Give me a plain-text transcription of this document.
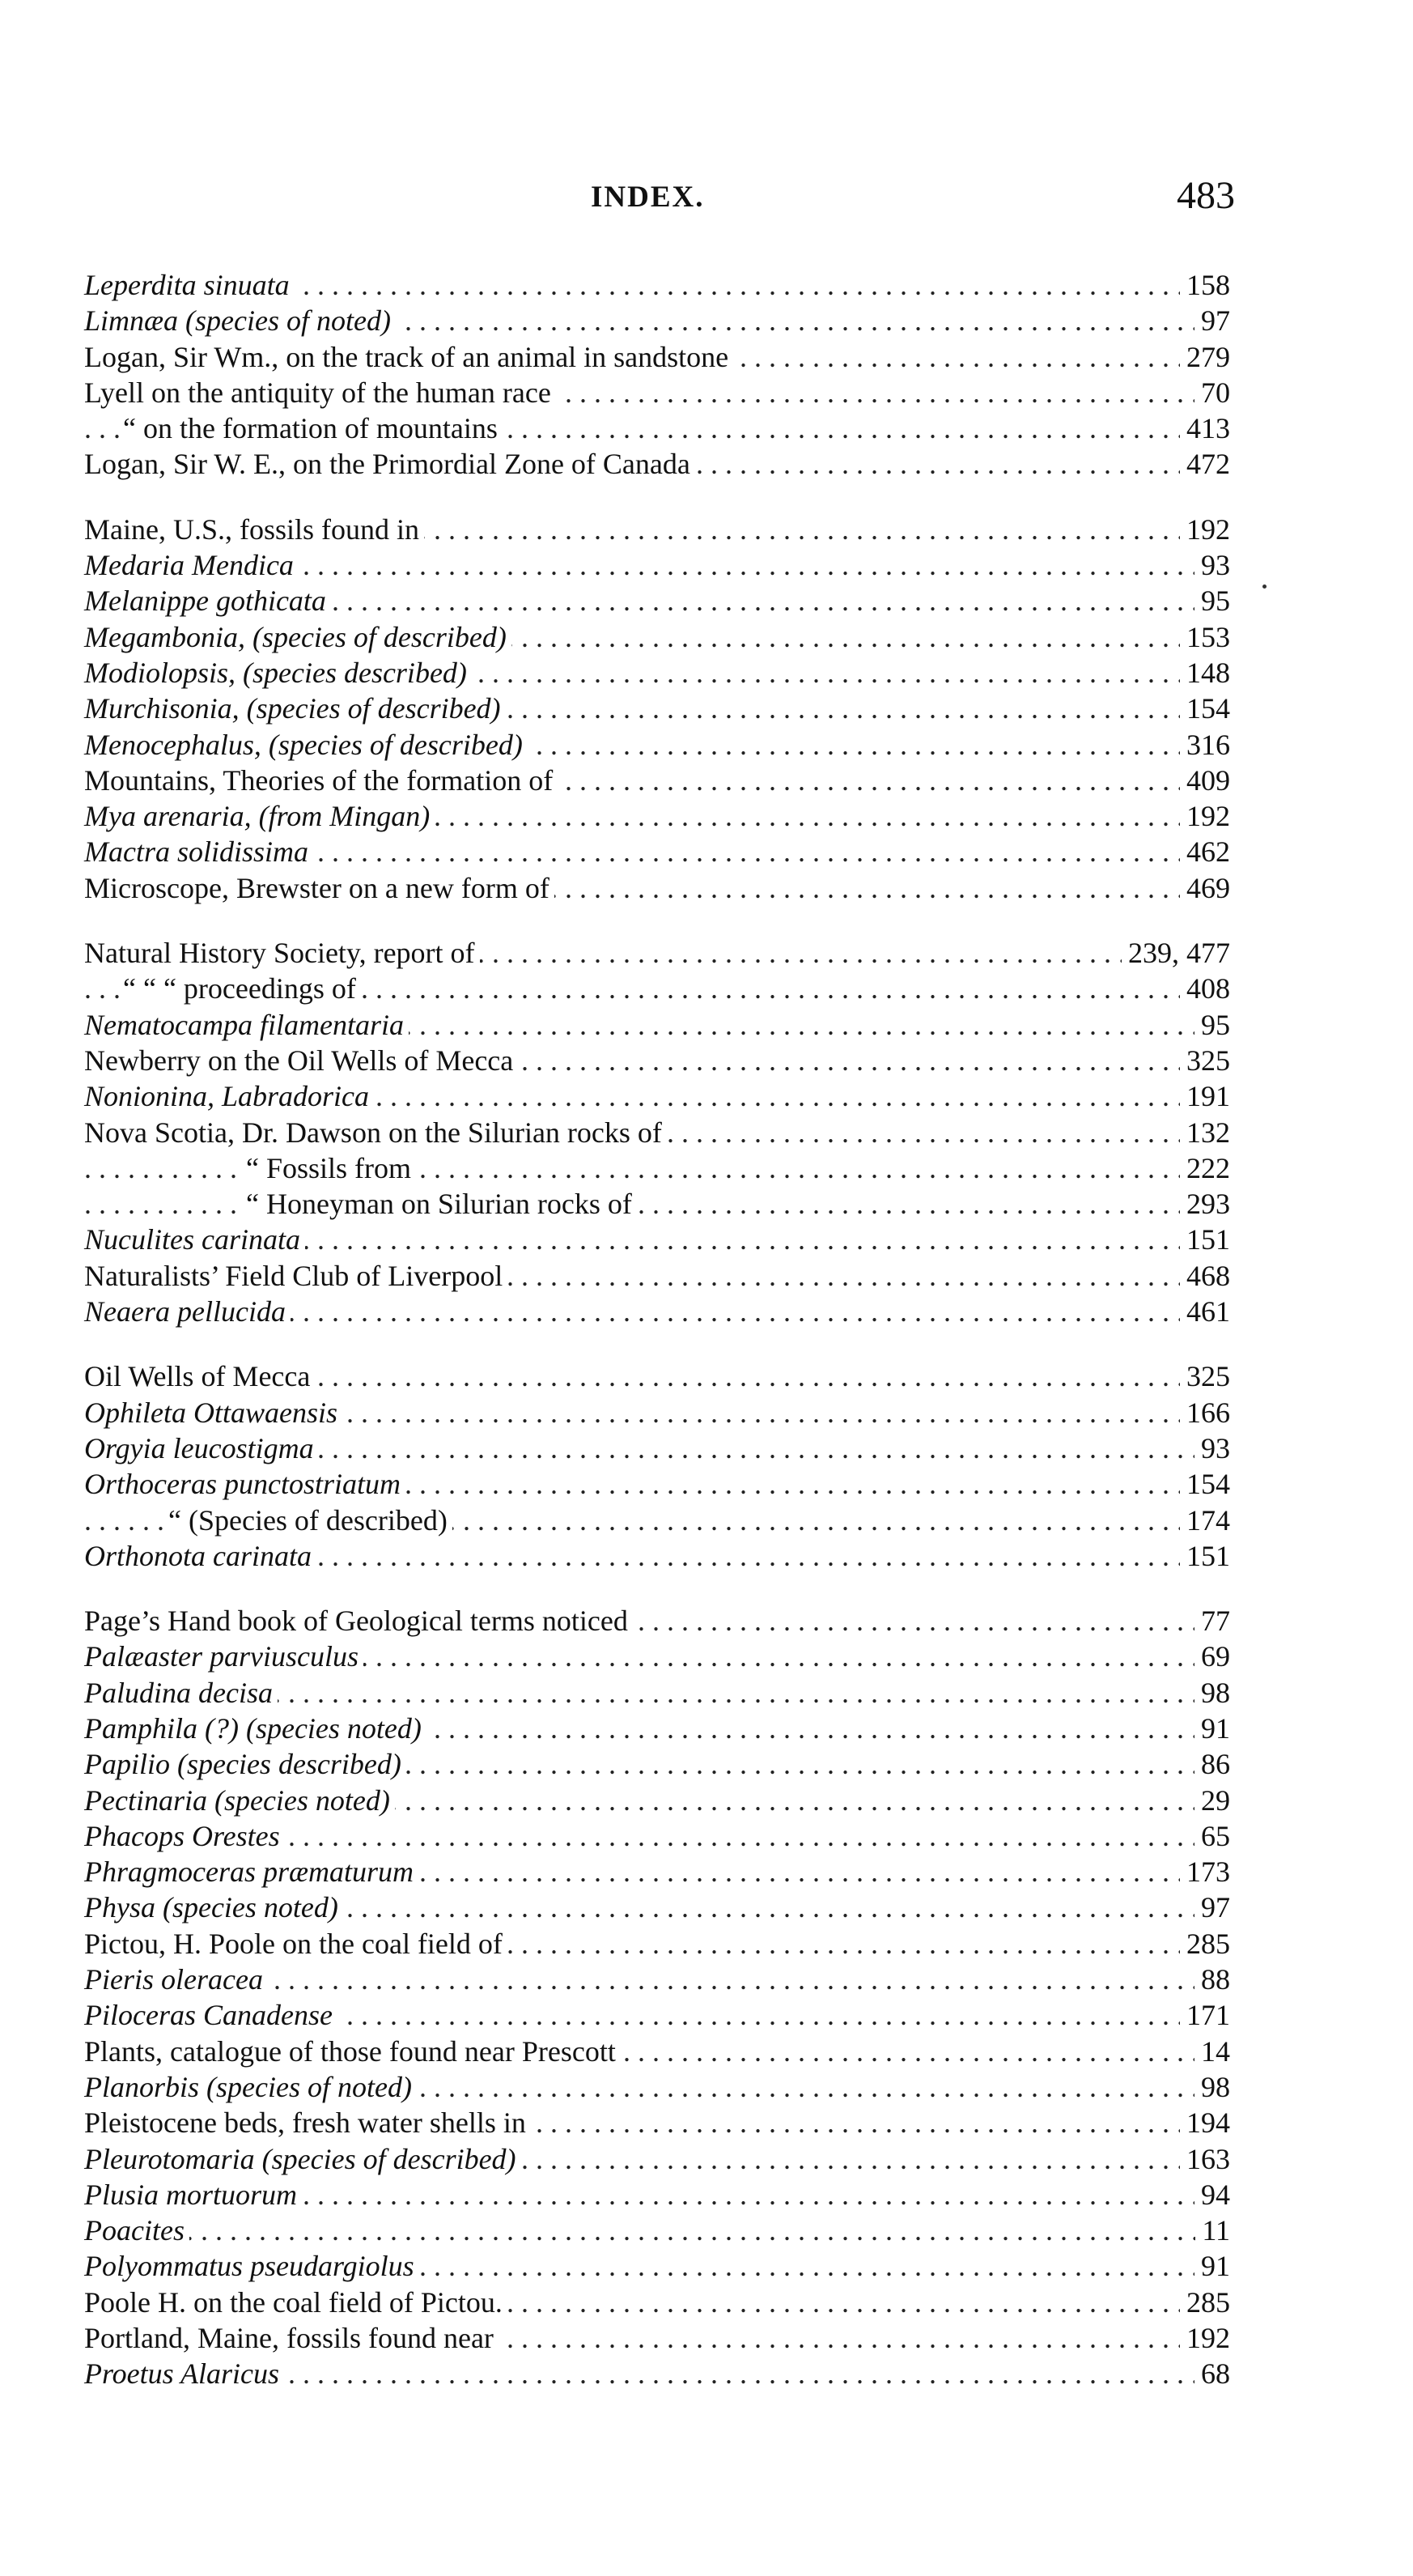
INDEX.	483
. . .
Leperdita sinuata	158
. . .
Limnæa (species of noted)	97
. . .
Logan, Sir Wm., on the track of an animal in sandstone	279
. . .
Lyell on the antiquity of the human race	70
. . .
“ on the formation of mountains	413
. . .
Logan, Sir W. E., on the Primordial Zone of Canada	472
. . .
Maine, U.S., fossils found in	192
. . .
Medaria Mendica	93
. . .
Melanippe gothicata	95
. . .
Megambonia, (species of described)	153
. . .
Modiolopsis, (species described)	148
. . .
Murchisonia, (species of described)	154
. . .
Menocephalus, (species of described)	316
. . .
Mountains, Theories of the formation of	409
. . .
Mya arenaria, (from Mingan)	192
. . .
Mactra solidissima	462
. . .
Microscope, Brewster on a new form of	469
. . .
Natural History Society, report of	239, 477
. . .
“ “ “ proceedings of	408
. . .
Nematocampa filamentaria	95
. . .
Newberry on the Oil Wells of Mecca	325
. . .
Nonionina, Labradorica	191
. . .
Nova Scotia, Dr. Dawson on the Silurian rocks of	132
. . .
“ Fossils from	222
. . .
“ Honeyman on Silurian rocks of	293
. . .
Nuculites carinata	151
. . .
Naturalists’ Field Club of Liverpool	468
. . .
Neaera pellucida	461
. . .
Oil Wells of Mecca	325
. . .
Ophileta Ottawaensis	166
. . .
Orgyia leucostigma	93
. . .
Orthoceras punctostriatum	154
. . .
“ (Species of described)	174
. . .
Orthonota carinata	151
. . .
Page’s Hand book of Geological terms noticed	77
. . .
Palæaster parviusculus	69
. . .
Paludina decisa	98
. . .
Pamphila (?) (species noted)	91
. . .
Papilio (species described)	86
. . .
Pectinaria (species noted)	29
. . .
Phacops Orestes	65
. . .
Phragmoceras præmaturum	173
. . .
Physa (species noted)	97
. . .
Pictou, H. Poole on the coal field of	285
. . .
Pieris oleracea	88
. . .
Piloceras Canadense	171
. . .
Plants, catalogue of those found near Prescott	14
. . .
Planorbis (species of noted)	98
. . .
Pleistocene beds, fresh water shells in	194
. . .
Pleurotomaria (species of described)	163
. . .
Plusia mortuorum	94
. . .
Poacites	11
. . .
Polyommatus pseudargiolus	91
. . .
Poole H. on the coal field of Pictou.	285
. . .
Portland, Maine, fossils found near	192
. . .
Proetus Alaricus	68
